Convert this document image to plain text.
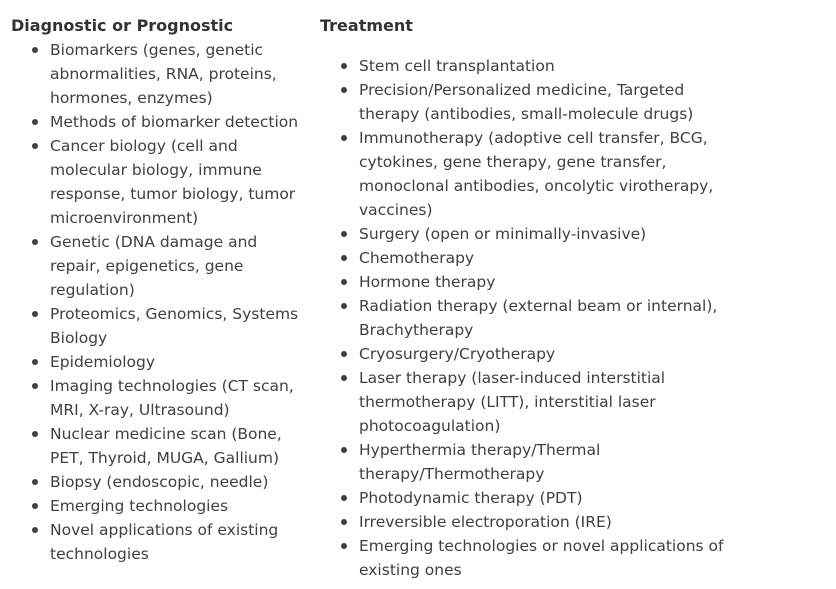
Diagnostic or Prognostic
Biomarkers (genes, genetic abnormalities, RNA, proteins, hormones, enzymes)
Methods of biomarker detection
Cancer biology (cell and molecular biology, immune response, tumor biology, tumor microenvironment)
Genetic (DNA damage and repair, epigenetics, gene regulation)
Proteomics, Genomics, Systems Biology
Epidemiology
Imaging technologies (CT scan, MRI, X-ray, Ultrasound)
Nuclear medicine scan (Bone, PET, Thyroid, MUGA, Gallium)
Biopsy (endoscopic, needle)
Emerging technologies
Novel applications of existing technologies
Treatment
Stem cell transplantation
Precision/Personalized medicine, Targeted therapy (antibodies, small-molecule drugs)
Immunotherapy (adoptive cell transfer, BCG, cytokines, gene therapy, gene transfer, monoclonal antibodies, oncolytic virotherapy, vaccines)
Surgery (open or minimally-invasive)
Chemotherapy
Hormone therapy
Radiation therapy (external beam or internal), Brachytherapy
Cryosurgery/Cryotherapy
Laser therapy (laser-induced interstitial thermotherapy (LITT), interstitial laser photocoagulation)
Hyperthermia therapy/Thermal therapy/Thermotherapy
Photodynamic therapy (PDT)
Irreversible electroporation (IRE)
Emerging technologies or novel applications of existing ones
